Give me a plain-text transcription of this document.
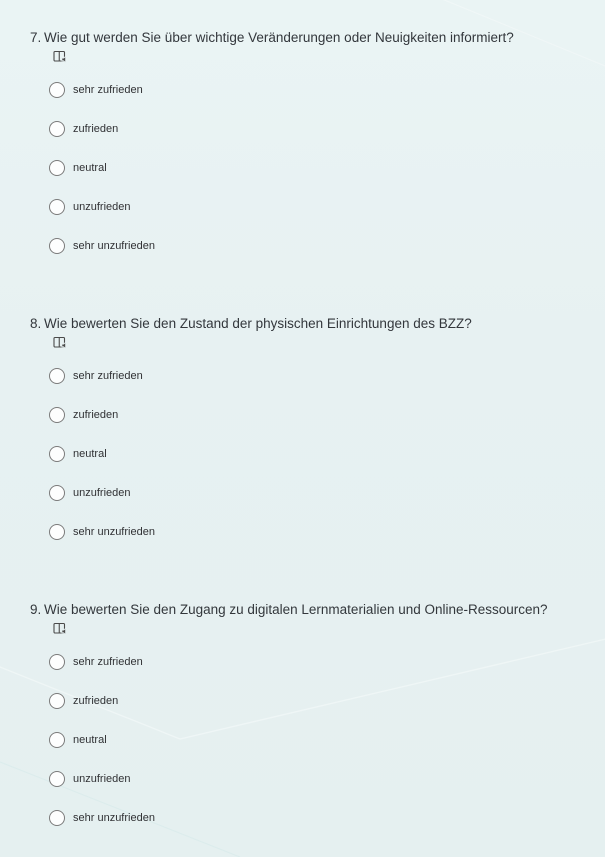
7. Wie gut werden Sie über wichtige Veränderungen oder Neuigkeiten informiert?
sehr zufrieden
zufrieden
neutral
unzufrieden
sehr unzufrieden
8. Wie bewerten Sie den Zustand der physischen Einrichtungen des BZZ?
sehr zufrieden
zufrieden
neutral
unzufrieden
sehr unzufrieden
9. Wie bewerten Sie den Zugang zu digitalen Lernmaterialien und Online-Ressourcen?
sehr zufrieden
zufrieden
neutral
unzufrieden
sehr unzufrieden
